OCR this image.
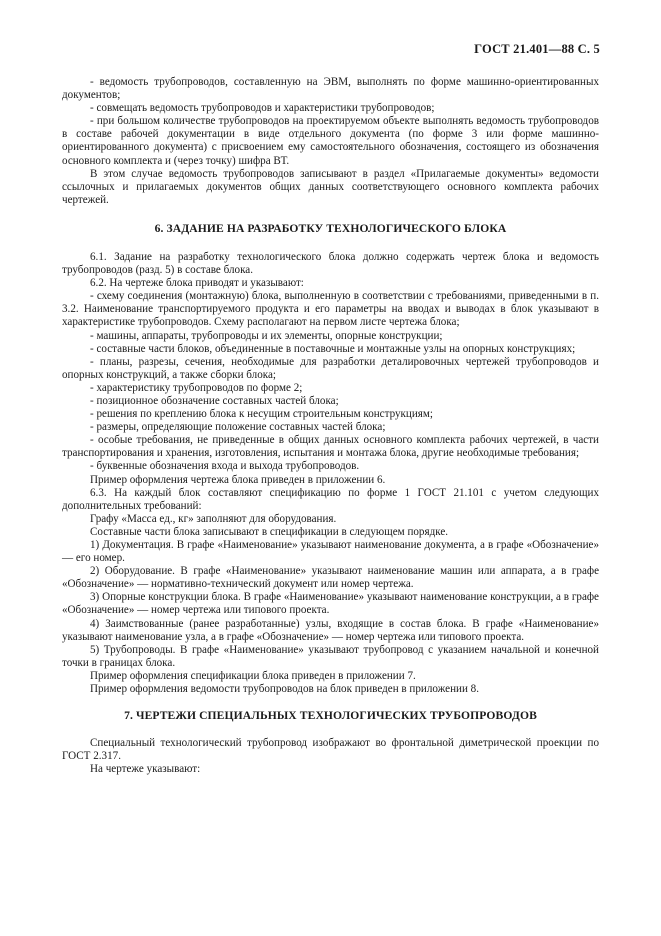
ГОСТ 21.401—88 С. 5

- ведомость трубопроводов, составленную на ЭВМ, выполнять по форме машинно-ориентированных документов;

- совмещать ведомость трубопроводов и характеристики трубопроводов;

- при большом количестве трубопроводов на проектируемом объекте выполнять ведомость трубопроводов в составе рабочей документации в виде отдельного документа (по форме 3 или форме машинно-ориентированного документа) с присвоением ему самостоятельного обозначения, состоящего из обозначения основного комплекта и (через точку) шифра ВТ.

В этом случае ведомость трубопроводов записывают в раздел «Прилагаемые документы» ведомости ссылочных и прилагаемых документов общих данных соответствующего основного комплекта рабочих чертежей.

6. ЗАДАНИЕ НА РАЗРАБОТКУ ТЕХНОЛОГИЧЕСКОГО БЛОКА

6.1. Задание на разработку технологического блока должно содержать чертеж блока и ведомость трубопроводов (разд. 5) в составе блока.

6.2. На чертеже блока приводят и указывают:

- схему соединения (монтажную) блока, выполненную в соответствии с требованиями, приведенными в п. 3.2. Наименование транспортируемого продукта и его параметры на вводах и выводах в блок указывают в характеристике трубопроводов. Схему располагают на первом листе чертежа блока;

- машины, аппараты, трубопроводы и их элементы, опорные конструкции;

- составные части блоков, объединенные в поставочные и монтажные узлы на опорных конструкциях;

- планы, разрезы, сечения, необходимые для разработки деталировочных чертежей трубопроводов и опорных конструкций, а также сборки блока;

- характеристику трубопроводов по форме 2;

- позиционное обозначение составных частей блока;

- решения по креплению блока к несущим строительным конструкциям;

- размеры, определяющие положение составных частей блока;

- особые требования, не приведенные в общих данных основного комплекта рабочих чертежей, в части транспортирования и хранения, изготовления, испытания и монтажа блока, другие необходимые требования;

- буквенные обозначения входа и выхода трубопроводов.

Пример оформления чертежа блока приведен в приложении 6.

6.3. На каждый блок составляют спецификацию по форме 1 ГОСТ 21.101 с учетом следующих дополнительных требований:

Графу «Масса ед., кг» заполняют для оборудования.

Составные части блока записывают в спецификации в следующем порядке.

1) Документация. В графе «Наименование» указывают наименование документа, а в графе «Обозначение» — его номер.

2) Оборудование. В графе «Наименование» указывают наименование машин или аппарата, а в графе «Обозначение» — нормативно-технический документ или номер чертежа.

3) Опорные конструкции блока. В графе «Наименование» указывают наименование конструкции, а в графе «Обозначение» — номер чертежа или типового проекта.

4) Заимствованные (ранее разработанные) узлы, входящие в состав блока. В графе «Наименование» указывают наименование узла, а в графе «Обозначение» — номер чертежа или типового проекта.

5) Трубопроводы. В графе «Наименование» указывают трубопровод с указанием начальной и конечной точки в границах блока.

Пример оформления спецификации блока приведен в приложении 7.

Пример оформления ведомости трубопроводов на блок приведен в приложении 8.

7. ЧЕРТЕЖИ СПЕЦИАЛЬНЫХ ТЕХНОЛОГИЧЕСКИХ ТРУБОПРОВОДОВ

Специальный технологический трубопровод изображают во фронтальной диметрической проекции по ГОСТ 2.317.

На чертеже указывают:
